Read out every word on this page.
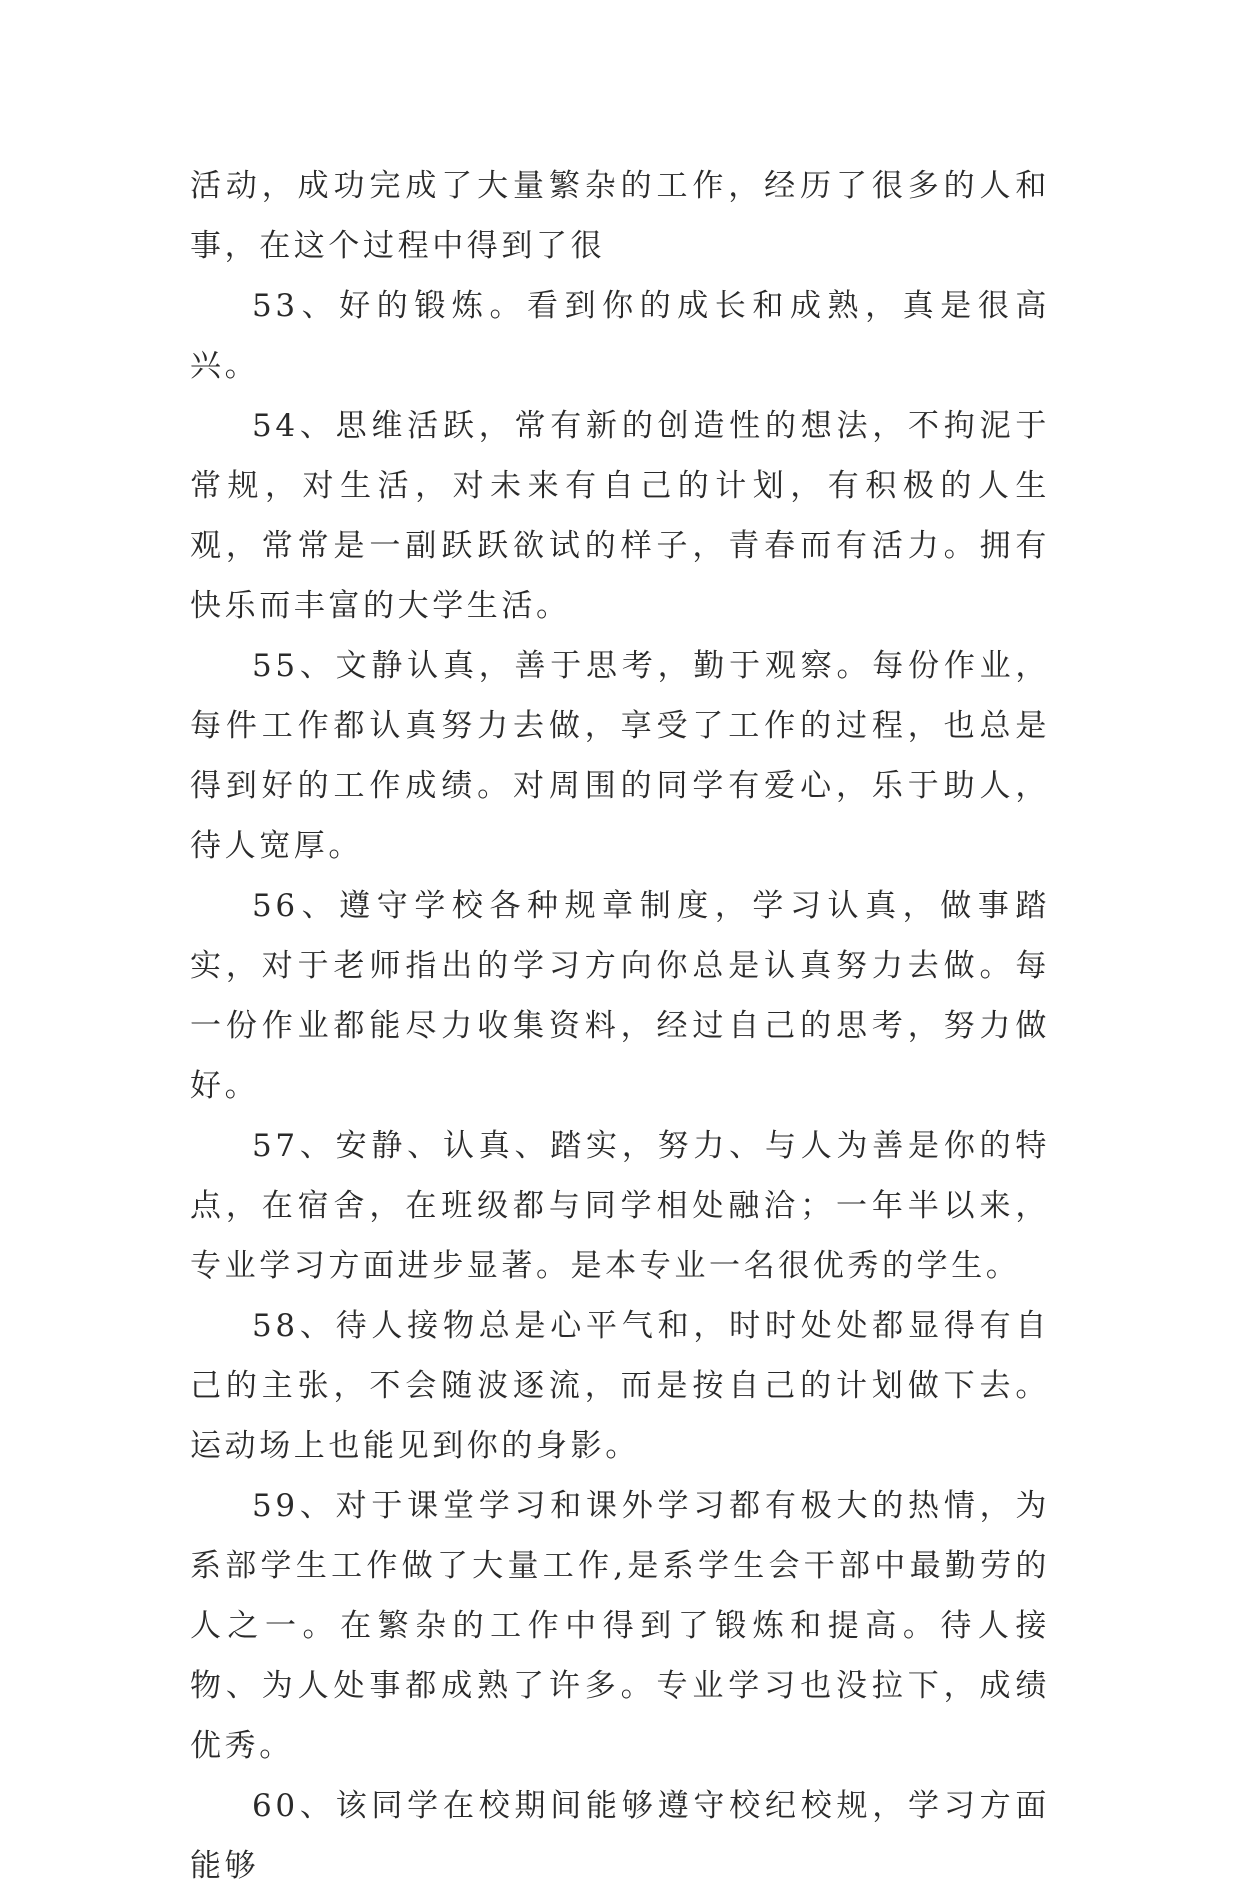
活动，成功完成了大量繁杂的工作，经历了很多的人和事，在这个过程中得到了很

53、好的锻炼。看到你的成长和成熟，真是很高兴。

54、思维活跃，常有新的创造性的想法，不拘泥于常规，对生活，对未来有自己的计划，有积极的人生观，常常是一副跃跃欲试的样子，青春而有活力。拥有快乐而丰富的大学生活。

55、文静认真，善于思考，勤于观察。每份作业，每件工作都认真努力去做，享受了工作的过程，也总是得到好的工作成绩。对周围的同学有爱心，乐于助人，待人宽厚。

56、遵守学校各种规章制度，学习认真，做事踏实，对于老师指出的学习方向你总是认真努力去做。每一份作业都能尽力收集资料，经过自己的思考，努力做好。

57、安静、认真、踏实，努力、与人为善是你的特点，在宿舍，在班级都与同学相处融洽；一年半以来，专业学习方面进步显著。是本专业一名很优秀的学生。

58、待人接物总是心平气和，时时处处都显得有自己的主张，不会随波逐流，而是按自己的计划做下去。运动场上也能见到你的身影。

59、对于课堂学习和课外学习都有极大的热情，为系部学生工作做了大量工作,是系学生会干部中最勤劳的人之一。在繁杂的工作中得到了锻炼和提高。待人接物、为人处事都成熟了许多。专业学习也没拉下，成绩优秀。

60、该同学在校期间能够遵守校纪校规，学习方面能够
